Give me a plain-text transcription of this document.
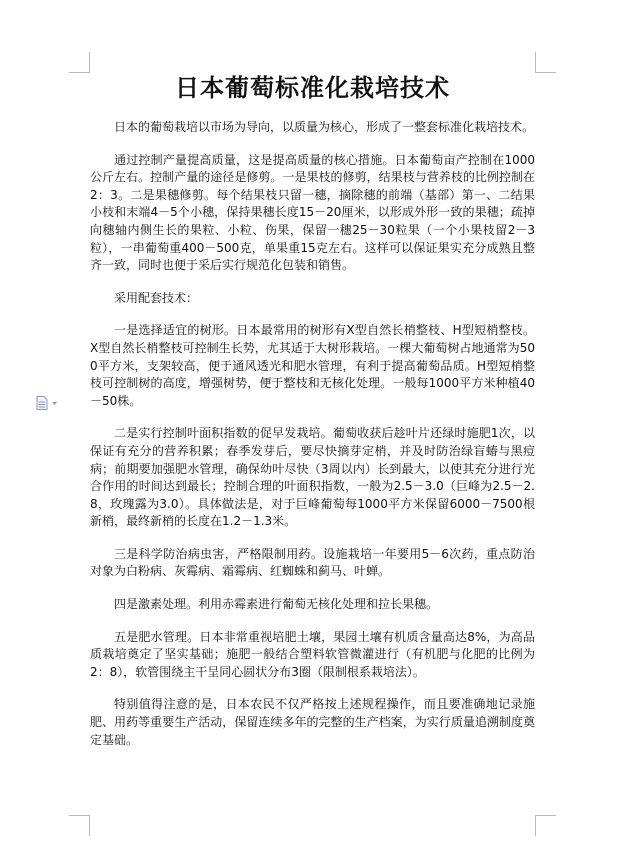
日本葡萄标准化栽培技术

日本的葡萄栽培以市场为导向，以质量为核心，形成了一整套标准化栽培技术。

通过控制产量提高质量，这是提高质量的核心措施。日本葡萄亩产控制在1000公斤左右。控制产量的途径是修剪。一是果枝的修剪，结果枝与营养枝的比例控制在2：3。二是果穗修剪。每个结果枝只留一穗，摘除穗的前端（基部）第一、二结果小枝和末端4－5个小穗，保持果穗长度15－20厘米，以形成外形一致的果穗；疏掉向穗轴内侧生长的果粒、小粒、伤果，保留一穗25－30粒果（一个小果枝留2－3粒），一串葡萄重400－500克，单果重15克左右。这样可以保证果实充分成熟且整齐一致，同时也便于采后实行规范化包装和销售。

采用配套技术：

一是选择适宜的树形。日本最常用的树形有X型自然长梢整枝、H型短梢整枝。X型自然长梢整枝可控制生长势，尤其适于大树形栽培。一棵大葡萄树占地通常为500平方米，支架较高，便于通风透光和肥水管理，有利于提高葡萄品质。H型短梢整枝可控制树的高度，增强树势，便于整枝和无核化处理。一般每1000平方米种植40－50株。

二是实行控制叶面积指数的促早发栽培。葡萄收获后趁叶片还绿时施肥1次，以保证有充分的营养积累；春季发芽后，要尽快摘芽定梢，并及时防治绿盲蝽与黑痘病；前期要加强肥水管理，确保幼叶尽快（3周以内）长到最大，以使其充分进行光合作用的时间达到最长；控制合理的叶面积指数，一般为2.5－3.0（巨峰为2.5－2.8，玫瑰露为3.0）。具体做法是，对于巨峰葡萄每1000平方米保留6000－7500根新梢，最终新梢的长度在1.2－1.3米。

三是科学防治病虫害，严格限制用药。设施栽培一年要用5－6次药，重点防治对象为白粉病、灰霉病、霜霉病、红蜘蛛和蓟马、叶蝉。

四是激素处理。利用赤霉素进行葡萄无核化处理和拉长果穗。

五是肥水管理。日本非常重视培肥土壤，果园土壤有机质含量高达8%，为高品质栽培奠定了坚实基础；施肥一般结合塑料软管微灌进行（有机肥与化肥的比例为2：8），软管围绕主干呈同心圆状分布3圈（限制根系栽培法）。

特别值得注意的是，日本农民不仅严格按上述规程操作，而且要准确地记录施肥、用药等重要生产活动，保留连续多年的完整的生产档案，为实行质量追溯制度奠定基础。
